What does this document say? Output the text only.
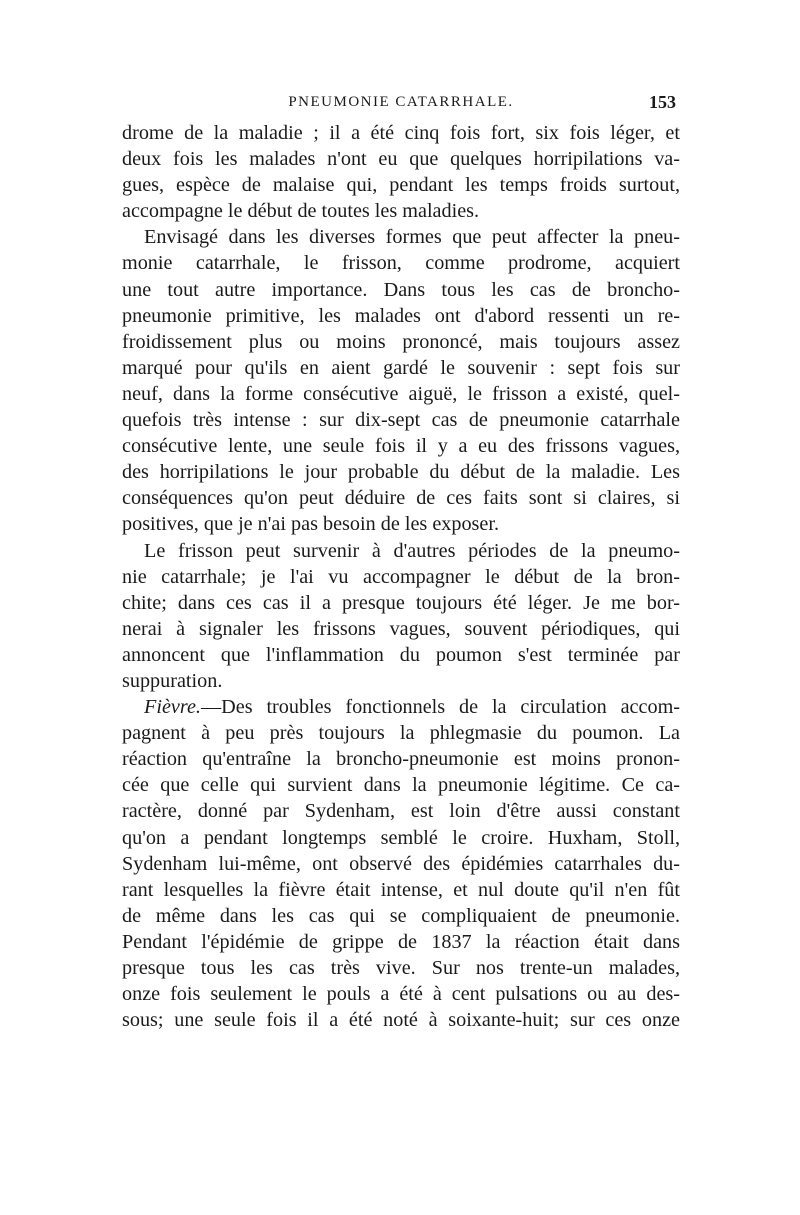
PNEUMONIE CATARRHALE.	153
drome de la maladie ; il a été cinq fois fort, six fois léger, et
deux fois les malades n'ont eu que quelques horripilations va-
gues, espèce de malaise qui, pendant les temps froids surtout,
accompagne le début de toutes les maladies.
Envisagé dans les diverses formes que peut affecter la pneu-
monie catarrhale, le frisson, comme prodrome, acquiert
une tout autre importance. Dans tous les cas de broncho-
pneumonie primitive, les malades ont d'abord ressenti un re-
froidissement plus ou moins prononcé, mais toujours assez
marqué pour qu'ils en aient gardé le souvenir : sept fois sur
neuf, dans la forme consécutive aiguë, le frisson a existé, quel-
quefois très intense : sur dix-sept cas de pneumonie catarrhale
consécutive lente, une seule fois il y a eu des frissons vagues,
des horripilations le jour probable du début de la maladie. Les
conséquences qu'on peut déduire de ces faits sont si claires, si
positives, que je n'ai pas besoin de les exposer.
Le frisson peut survenir à d'autres périodes de la pneumo-
nie catarrhale; je l'ai vu accompagner le début de la bron-
chite; dans ces cas il a presque toujours été léger. Je me bor-
nerai à signaler les frissons vagues, souvent périodiques, qui
annoncent que l'inflammation du poumon s'est terminée par
suppuration.
Fièvre.—Des troubles fonctionnels de la circulation accom-
pagnent à peu près toujours la phlegmasie du poumon. La
réaction qu'entraîne la broncho-pneumonie est moins pronon-
cée que celle qui survient dans la pneumonie légitime. Ce ca-
ractère, donné par Sydenham, est loin d'être aussi constant
qu'on a pendant longtemps semblé le croire. Huxham, Stoll,
Sydenham lui-même, ont observé des épidémies catarrhales du-
rant lesquelles la fièvre était intense, et nul doute qu'il n'en fût
de même dans les cas qui se compliquaient de pneumonie.
Pendant l'épidémie de grippe de 1837 la réaction était dans
presque tous les cas très vive. Sur nos trente-un malades,
onze fois seulement le pouls a été à cent pulsations ou au des-
sous; une seule fois il a été noté à soixante-huit; sur ces onze
